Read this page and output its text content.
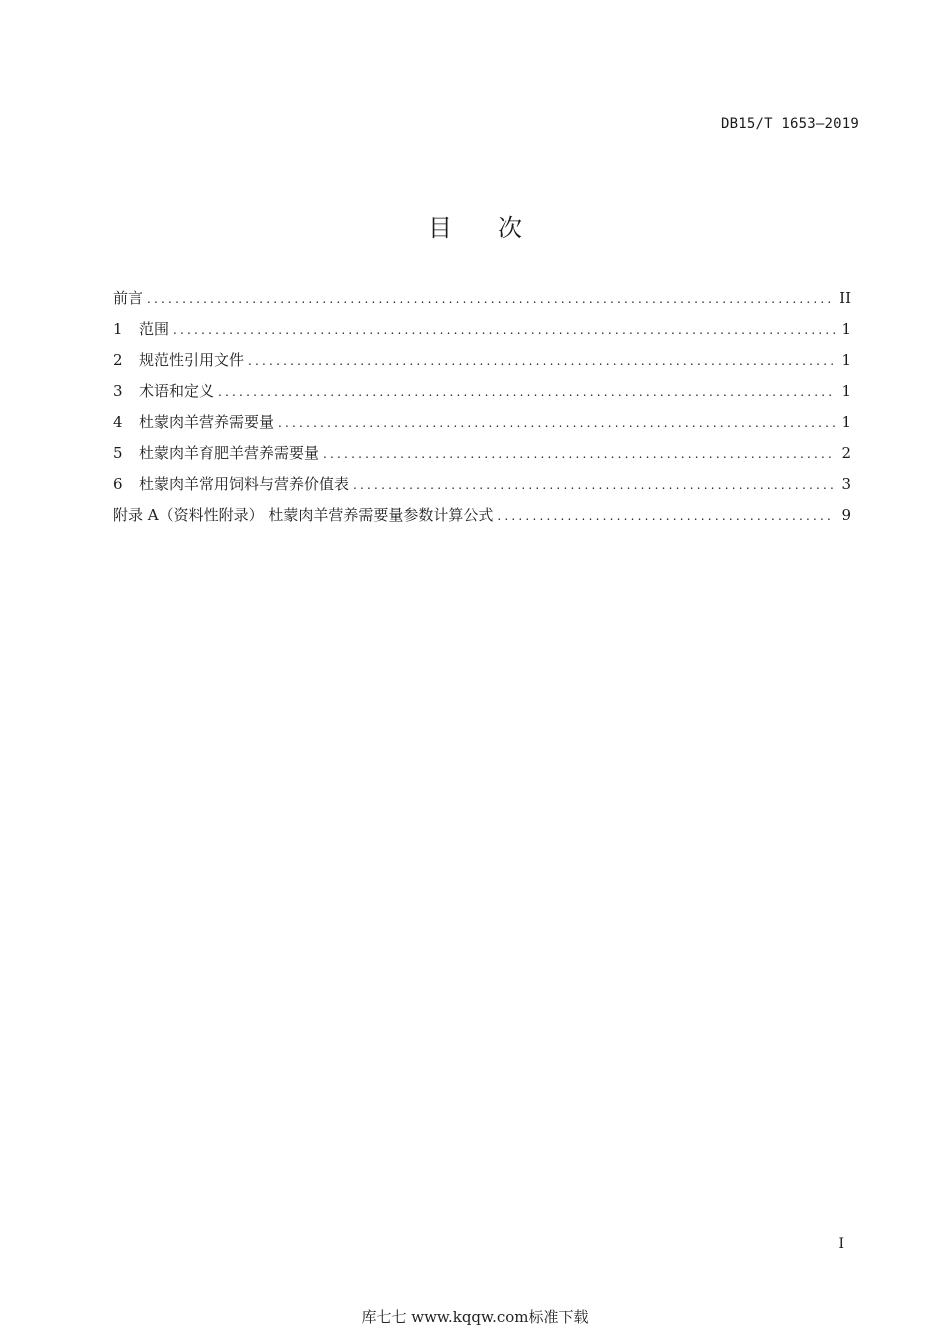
DB15/T 1653—2019
目 次
前言 .....	II
1	范围 .....	1
2	规范性引用文件 .....	1
3	术语和定义 .....	1
4	杜蒙肉羊营养需要量 .....	1
5	杜蒙肉羊育肥羊营养需要量 .....	2
6	杜蒙肉羊常用饲料与营养价值表 .....	3
附录 A（资料性附录） 杜蒙肉羊营养需要量参数计算公式 .....	9
I
库七七 www.kqqw.com标准下载
